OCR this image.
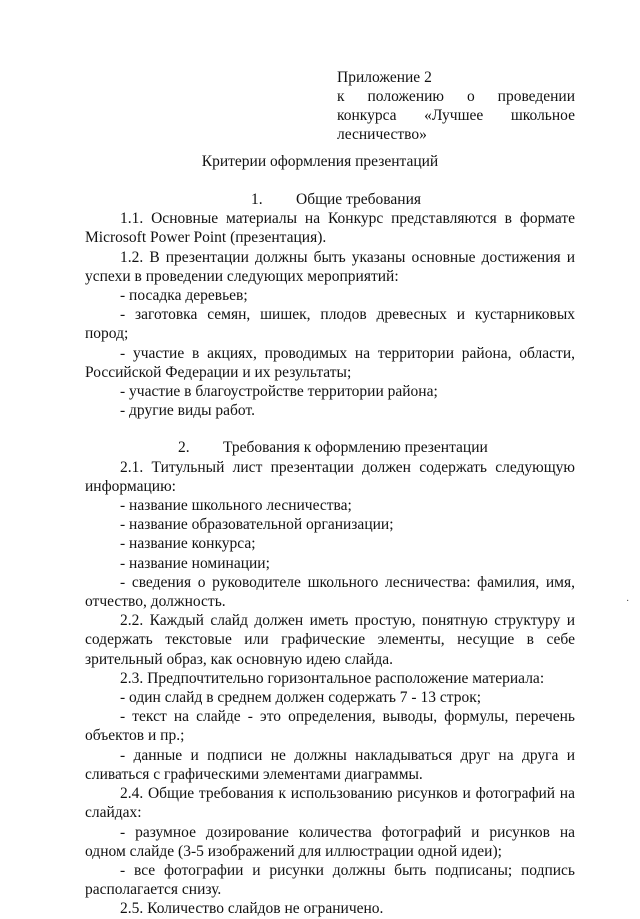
Приложение 2
к положению о проведении
конкурса «Лучшее школьное
лесничество»
Критерии оформления презентаций

1. Общие требования

1.1. Основные материалы на Конкурс представляются в формате Microsoft Power Point (презентация).

1.2. В презентации должны быть указаны основные достижения и успехи в проведении следующих мероприятий:

- посадка деревьев;

- заготовка семян, шишек, плодов древесных и кустарниковых пород;

- участие в акциях, проводимых на территории района, области, Российской Федерации и их результаты;

- участие в благоустройстве территории района;

- другие виды работ.

2. Требования к оформлению презентации

2.1. Титульный лист презентации должен содержать следующую информацию:

- название школьного лесничества;

- название образовательной организации;

- название конкурса;

- название номинации;

- сведения о руководителе школьного лесничества: фамилия, имя, отчество, должность.

2.2. Каждый слайд должен иметь простую, понятную структуру и содержать текстовые или графические элементы, несущие в себе зрительный образ, как основную идею слайда.

2.3. Предпочтительно горизонтальное расположение материала:

- один слайд в среднем должен содержать 7 - 13 строк;

- текст на слайде - это определения, выводы, формулы, перечень объектов и пр.;

- данные и подписи не должны накладываться друг на друга и сливаться с графическими элементами диаграммы.

2.4. Общие требования к использованию рисунков и фотографий на слайдах:

- разумное дозирование количества фотографий и рисунков на одном слайде (3-5 изображений для иллюстрации одной идеи);

- все фотографии и рисунки должны быть подписаны; подпись располагается снизу.

2.5. Количество слайдов не ограничено.

·
